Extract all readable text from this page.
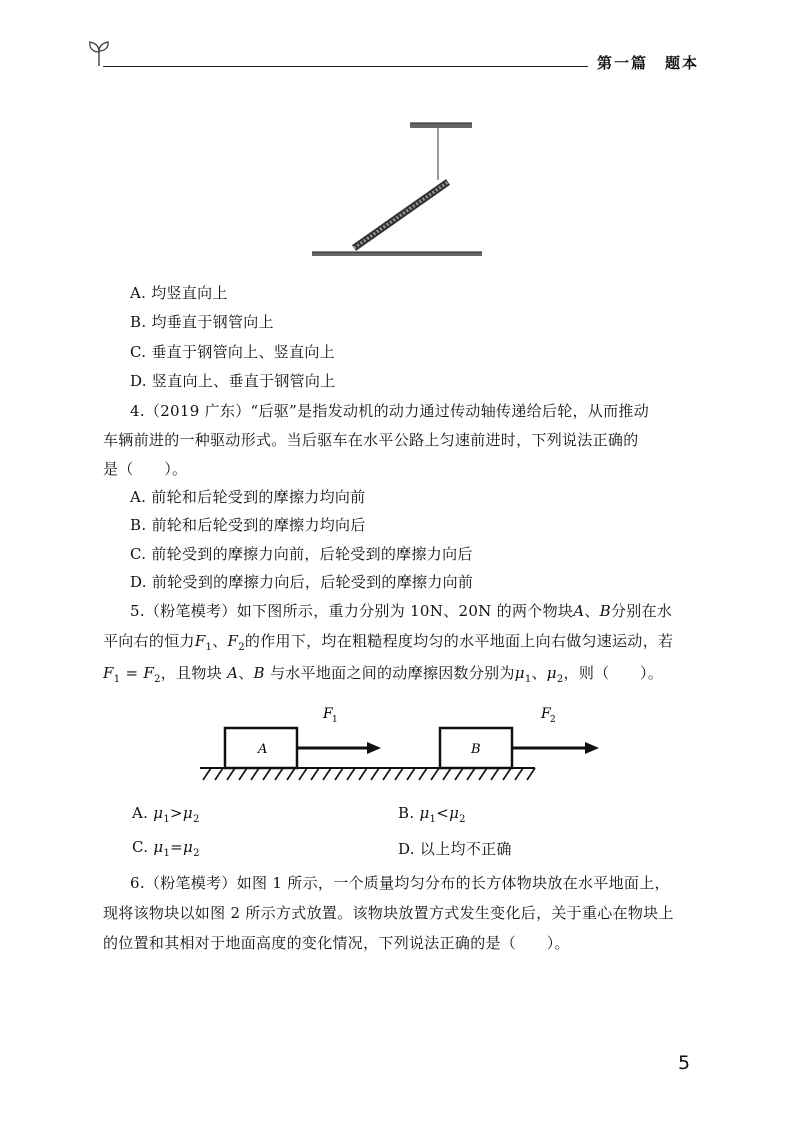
第一篇　题本
A. 均竖直向上
B. 均垂直于钢管向上
C. 垂直于钢管向上、竖直向上
D. 竖直向上、垂直于钢管向上
4.（2019 广东）“后驱”是指发动机的动力通过传动轴传递给后轮，从而推动
车辆前进的一种驱动形式。当后驱车在水平公路上匀速前进时，下列说法正确的
是（　　）。
A. 前轮和后轮受到的摩擦力均向前
B. 前轮和后轮受到的摩擦力均向后
C. 前轮受到的摩擦力向前，后轮受到的摩擦力向后
D. 前轮受到的摩擦力向后，后轮受到的摩擦力向前
5.（粉笔模考）如下图所示，重力分别为 10N、20N 的两个物块A、B分别在水
平向右的恒力$F_1$、$F_2$的作用下，均在粗糙程度均匀的水平地面上向右做匀速运动，若
$F_1 = F_2$，且物块 A、B 与水平地面之间的动摩擦因数分别为$\mu_1$、$\mu_2$，则（　　）。
F 1	F 2
A	B
A. $\mu_1>\mu_2$	B. $\mu_1<\mu_2$
C. $\mu_1=\mu_2$	D. 以上均不正确
6.（粉笔模考）如图 1 所示，一个质量均匀分布的长方体物块放在水平地面上，
现将该物块以如图 2 所示方式放置。该物块放置方式发生变化后，关于重心在物块上
的位置和其相对于地面高度的变化情况，下列说法正确的是（　　）。
5
